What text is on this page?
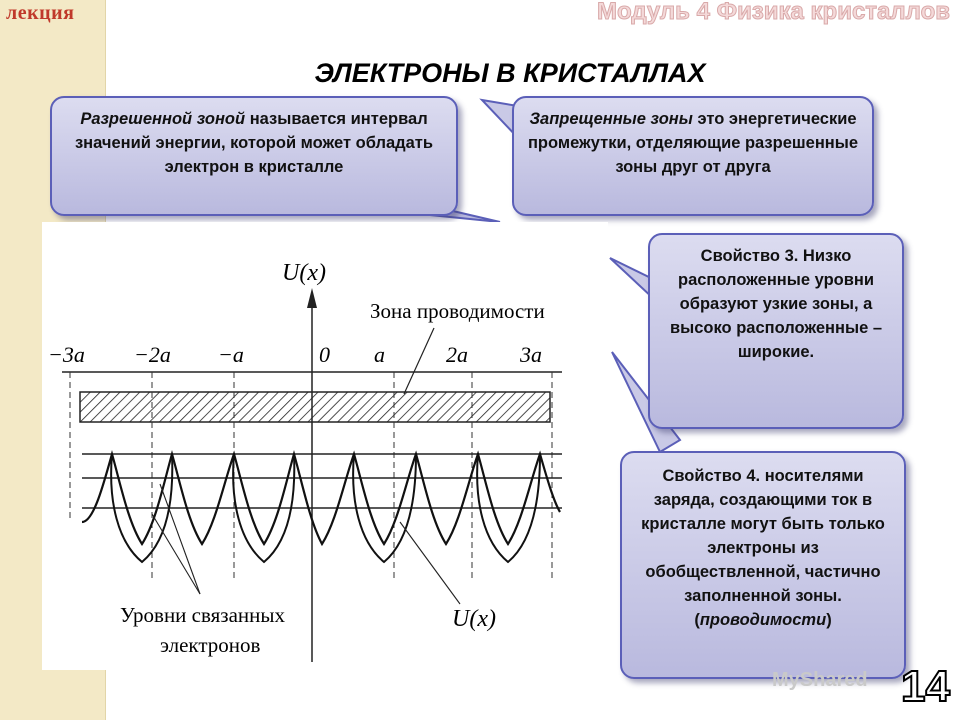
лекция	Модуль 4 Физика кристаллов
ЭЛЕКТРОНЫ В КРИСТАЛЛАХ
Разрешенной зоной называется интервал значений энергии, которой может обладать электрон в кристалле
Запрещенные зоны это энергетические промежутки, отделяющие разрешенные зоны друг от друга
Свойство 3. Низко расположенные уровни образуют узкие зоны, а высоко расположенные – широкие.
Свойство 4. носителями заряда, создающими ток в кристалле могут быть только электроны из обобществленной, частично заполненной зоны. (проводимости)
U(x)
Зона проводимости
−3a −2a −a	0 a	2a 3a
Уровни связанных
электронов
U(x)
MyShared 14
